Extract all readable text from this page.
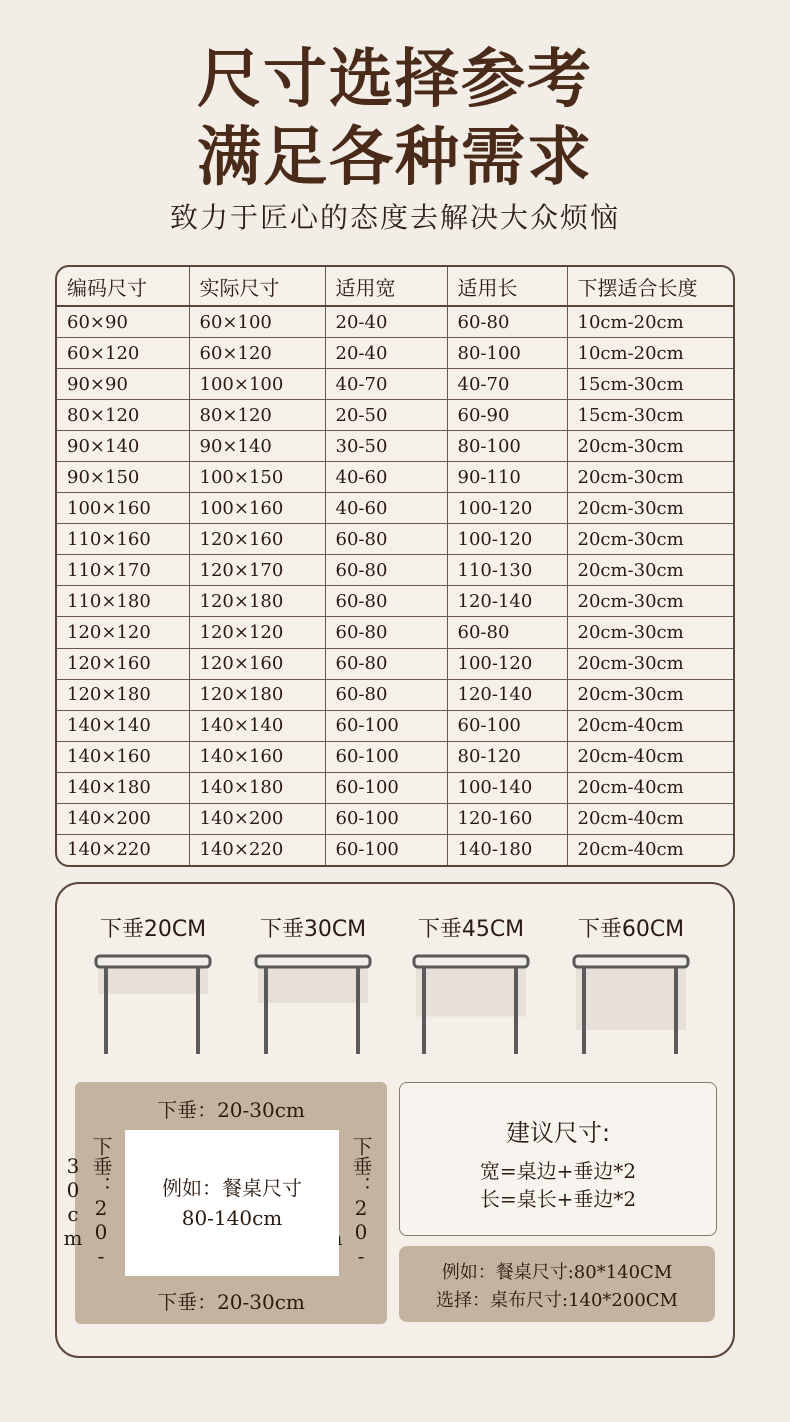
尺寸选择参考
满足各种需求
致力于匠心的态度去解决大众烦恼
编码尺寸	实际尺寸	适用宽	适用长	下摆适合长度
60×90	60×100	20-40	60-80	10cm-20cm
60×120	60×120	20-40	80-100	10cm-20cm
90×90	100×100	40-70	40-70	15cm-30cm
80×120	80×120	20-50	60-90	15cm-30cm
90×140	90×140	30-50	80-100	20cm-30cm
90×150	100×150	40-60	90-110	20cm-30cm
100×160	100×160	40-60	100-120	20cm-30cm
110×160	120×160	60-80	100-120	20cm-30cm
110×170	120×170	60-80	110-130	20cm-30cm
110×180	120×180	60-80	120-140	20cm-30cm
120×120	120×120	60-80	60-80	20cm-30cm
120×160	120×160	60-80	100-120	20cm-30cm
120×180	120×180	60-80	120-140	20cm-30cm
140×140	140×140	60-100	60-100	20cm-40cm
140×160	140×160	60-100	80-120	20cm-40cm
140×180	140×180	60-100	100-140	20cm-40cm
140×200	140×200	60-100	120-160	20cm-40cm
140×220	140×220	60-100	140-180	20cm-40cm
下垂20CM	下垂30CM	下垂45CM	下垂60CM
下垂：20-30cm
下垂：20-30cm
下垂：20-
例如：餐桌尺寸
80-140cm
下垂：20-30cm
建议尺寸:
宽=桌边+垂边*2
长=桌长+垂边*2
例如：餐桌尺寸:80*140CM
选择：桌布尺寸:140*200CM
